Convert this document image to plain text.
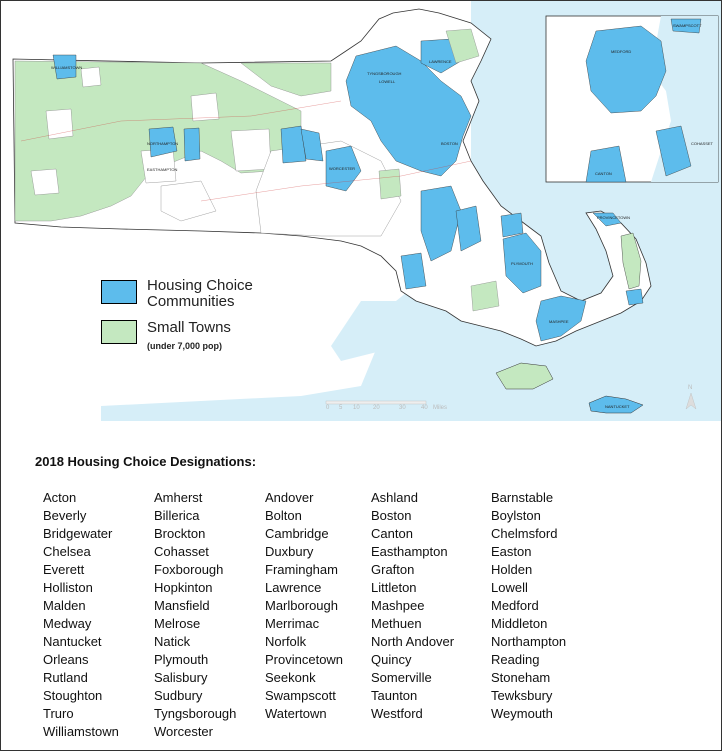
0 5 10 20	30	40 Miles
N
WILLIAMSTOWN
NORTHAMPTON
EASTHAMPTON
TYNGSBOROUGH
LOWELL
LAWRENCE
BOSTON
WORCESTER
PLYMOUTH
MASHPEE
PROVINCETOWN
NANTUCKET
CANTON
MEDFORD
SWAMPSCOTT
COHASSET
Housing Choice
Communities
Small Towns
(under 7,000 pop)
2018 Housing Choice Designations:
Acton
Beverly
Bridgewater
Chelsea
Everett
Holliston
Malden
Medway
Nantucket
Orleans
Rutland
Stoughton
Truro
Williamstown
Amherst
Billerica
Brockton
Cohasset
Foxborough
Hopkinton
Mansfield
Melrose
Natick
Plymouth
Salisbury
Sudbury
Tyngsborough
Worcester
Andover
Bolton
Cambridge
Duxbury
Framingham
Lawrence
Marlborough
Merrimac
Norfolk
Provincetown
Seekonk
Swampscott
Watertown
Ashland
Boston
Canton
Easthampton
Grafton
Littleton
Mashpee
Methuen
North Andover
Quincy
Somerville
Taunton
Westford
Barnstable
Boylston
Chelmsford
Easton
Holden
Lowell
Medford
Middleton
Northampton
Reading
Stoneham
Tewksbury
Weymouth
